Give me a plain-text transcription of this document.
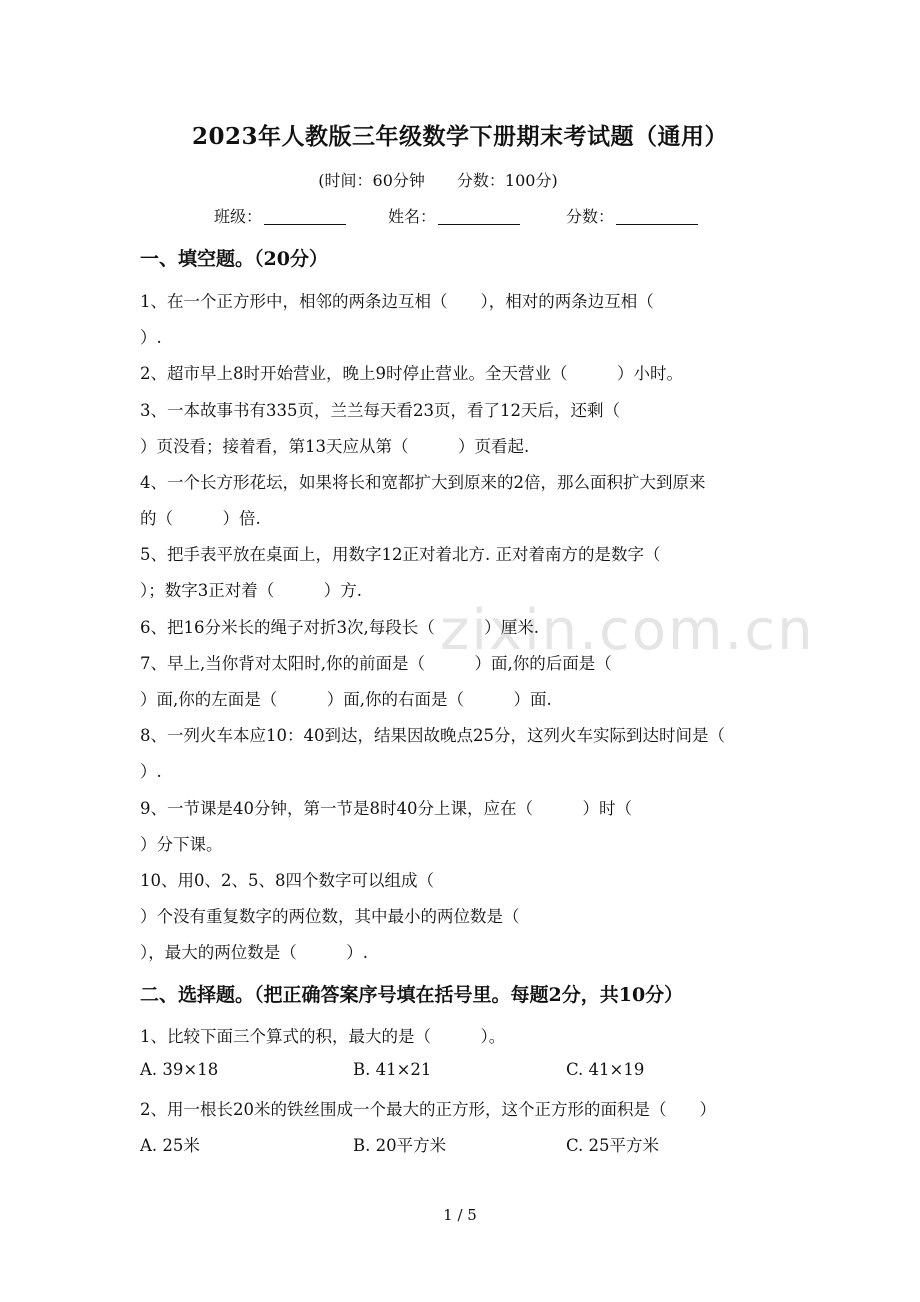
zixin.com.cn
2023年人教版三年级数学下册期末考试题（通用）
(时间：60分钟　　分数：100分)
班级：	姓名：	分数：
一、填空题。（20分）
1、在一个正方形中，相邻的两条边互相（　　），相对的两条边互相（
）.
2、超市早上8时开始营业，晚上9时停止营业。全天营业（　　　）小时。
3、一本故事书有335页，兰兰每天看23页，看了12天后，还剩（
）页没看；接着看，第13天应从第（　　　）页看起.
4、一个长方形花坛，如果将长和宽都扩大到原来的2倍，那么面积扩大到原来
的（　　　）倍.
5、把手表平放在桌面上，用数字12正对着北方. 正对着南方的是数字（
）；数字3正对着（　　　）方.
6、把16分米长的绳子对折3次,每段长（　　　）厘米.
7、早上,当你背对太阳时,你的前面是（　　　）面,你的后面是（
）面,你的左面是（　　　）面,你的右面是（　　　）面.
8、一列火车本应10：40到达，结果因故晚点25分，这列火车实际到达时间是（
）.
9、一节课是40分钟，第一节是8时40分上课，应在（　　　）时（
）分下课。
10、用0、2、5、8四个数字可以组成（
）个没有重复数字的两位数，其中最小的两位数是（
），最大的两位数是（　　　）.
二、选择题。（把正确答案序号填在括号里。每题2分，共10分）
1、比较下面三个算式的积，最大的是（　　　）。
A. 39×18	B. 41×21	C. 41×19
2、用一根长20米的铁丝围成一个最大的正方形，这个正方形的面积是（　　）
A. 25米	B. 20平方米	C. 25平方米
1 / 5
